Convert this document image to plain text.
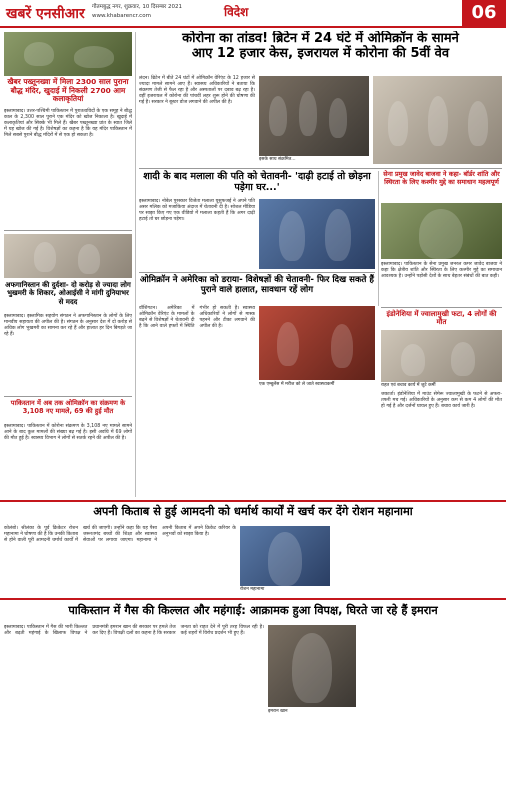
खबरें एनसीआर गौतमबुद्ध नगर, शुक्रवार, 10 दिसम्बर 2021
www.khabarencr.com	विदेश	06
खैबर पख्तूनख्वा में मिला 2300 साल पुराना बौद्ध मंदिर, खुदाई में निकली 2700 आम कलाकृतियां
इस्लामाबाद। उत्तर-पश्चिमी पाकिस्तान में पुरातत्वविदों के एक समूह ने बौद्ध काल के 2,300 साल पुराने एक मंदिर को खोज निकाला है। खुदाई में कलाकृतियां और सिक्के भी मिले हैं। खैबर पख्तूनख्वा प्रांत के स्वात जिले में यह खोज की गई है। विशेषज्ञों का कहना है कि यह मंदिर पाकिस्तान में मिले सबसे पुराने बौद्ध मंदिरों में से एक हो सकता है।
अफगानिस्तान की दुर्दशा- दो करोड़ से ज्यादा लोग भुखमरी के शिकार, ओआईसी ने मांगी दुनियाभर से मदद
इस्लामाबाद। इस्लामिक सहयोग संगठन ने अफगानिस्तान के लोगों के लिए मानवीय सहायता की अपील की है। संगठन के अनुसार देश में दो करोड़ से अधिक लोग भुखमरी का सामना कर रहे हैं और हालात हर दिन बिगड़ते जा रहे हैं।
पाकिस्तान में अब तक ओमिक्रॉन का संक्रमण के 3,108 नए मामले, 69 की हुई मौत
इस्लामाबाद। पाकिस्तान में कोरोना संक्रमण के 3,108 नए मामले सामने आने के बाद कुल मामलों की संख्या बढ़ गई है। इसी अवधि में 69 लोगों की मौत हुई है। स्वास्थ्य विभाग ने लोगों से सतर्क रहने की अपील की है।
कोरोना का तांडव! ब्रिटेन में 24 घंटे में ओमिक्रॉन के सामने
आए 12 हजार केस, इजरायल में कोरोना की 5वीं वेव
लंदन। ब्रिटेन में बीते 24 घंटों में ओमिक्रॉन वेरिएंट के 12 हजार से ज्यादा मामले सामने आए हैं। स्वास्थ्य अधिकारियों ने बताया कि संक्रमण तेजी से फैल रहा है और अस्पतालों पर दबाव बढ़ रहा है। वहीं इजरायल में कोरोना की पांचवीं लहर शुरू होने की घोषणा की गई है। सरकार ने बूस्टर डोज लगवाने की अपील की है।
इसके साथ संक्रमित...
शादी के बाद मलाला की पति को चेतावनी- 'दाढ़ी हटाई तो छोड़ना पड़ेगा घर...'
इस्लामाबाद। नोबेल पुरस्कार विजेता मलाला यूसुफजई ने अपने पति असर मलिक को मजाकिया अंदाज में चेतावनी दी है। सोशल मीडिया पर साझा किए गए एक वीडियो में मलाला कहती हैं कि अगर दाढ़ी हटाई तो घर छोड़ना पड़ेगा।
सेना प्रमुख जावेद बाजवा ने कहा- बॉर्डर शांति और स्थिरता के लिए कश्मीर मुद्दे का समाधान महत्वपूर्ण
इस्लामाबाद। पाकिस्तान के सेना प्रमुख जनरल कमर जावेद बाजवा ने कहा कि क्षेत्रीय शांति और स्थिरता के लिए कश्मीर मुद्दे का समाधान आवश्यक है। उन्होंने पड़ोसी देशों के साथ बेहतर संबंधों की बात कही।
ओमिक्रॉन ने अमेरिका को डराया- विशेषज्ञों की चेतावनी- फिर दिख सकते हैं पुराने वाले हालात, सावधान रहें लोग
वॉशिंगटन। अमेरिका में ओमिक्रॉन वेरिएंट के मामलों के बढ़ने से विशेषज्ञों ने चेतावनी दी है कि आने वाले हफ्तों में स्थिति गंभीर हो सकती है। स्वास्थ्य अधिकारियों ने लोगों से मास्क पहनने और टीका लगवाने की अपील की है।
एक एम्बुलेंस में मरीज को ले जाते स्वास्थ्यकर्मी
इंडोनेशिया में ज्वालामुखी फटा, 4 लोगों की मौत
राहत एवं बचाव कार्य में जुटे कर्मी
जकार्ता। इंडोनेशिया में माउंट सेमेरू ज्वालामुखी के फटने से अफरा-तफरी मच गई। अधिकारियों के अनुसार कम से कम 4 लोगों की मौत हो गई है और दर्जनों घायल हुए हैं। बचाव कार्य जारी है।
अपनी किताब से हुई आमदनी को धर्मार्थ कार्यों में खर्च कर देंगे रोशन महानामा
कोलंबो। श्रीलंका के पूर्व क्रिकेटर रोशन महानामा ने घोषणा की है कि उनकी किताब से होने वाली पूरी आमदनी धर्मार्थ कार्यों में खर्च की जाएगी। उन्होंने कहा कि यह पैसा जरूरतमंद बच्चों की शिक्षा और स्वास्थ्य सेवाओं पर लगाया जाएगा। महानामा ने अपनी किताब में अपने क्रिकेट करियर के अनुभवों को साझा किया है।
रोशन महानामा
पाकिस्तान में गैस की किल्लत और महंगाई: आक्रामक हुआ विपक्ष, घिरते जा रहे हैं इमरान
इस्लामाबाद। पाकिस्तान में गैस की भारी किल्लत और बढ़ती महंगाई के खिलाफ विपक्ष ने प्रधानमंत्री इमरान खान की सरकार पर हमले तेज कर दिए हैं। विपक्षी दलों का कहना है कि सरकार जनता को राहत देने में पूरी तरह विफल रही है। कई शहरों में विरोध प्रदर्शन भी हुए हैं।
इमरान खान
